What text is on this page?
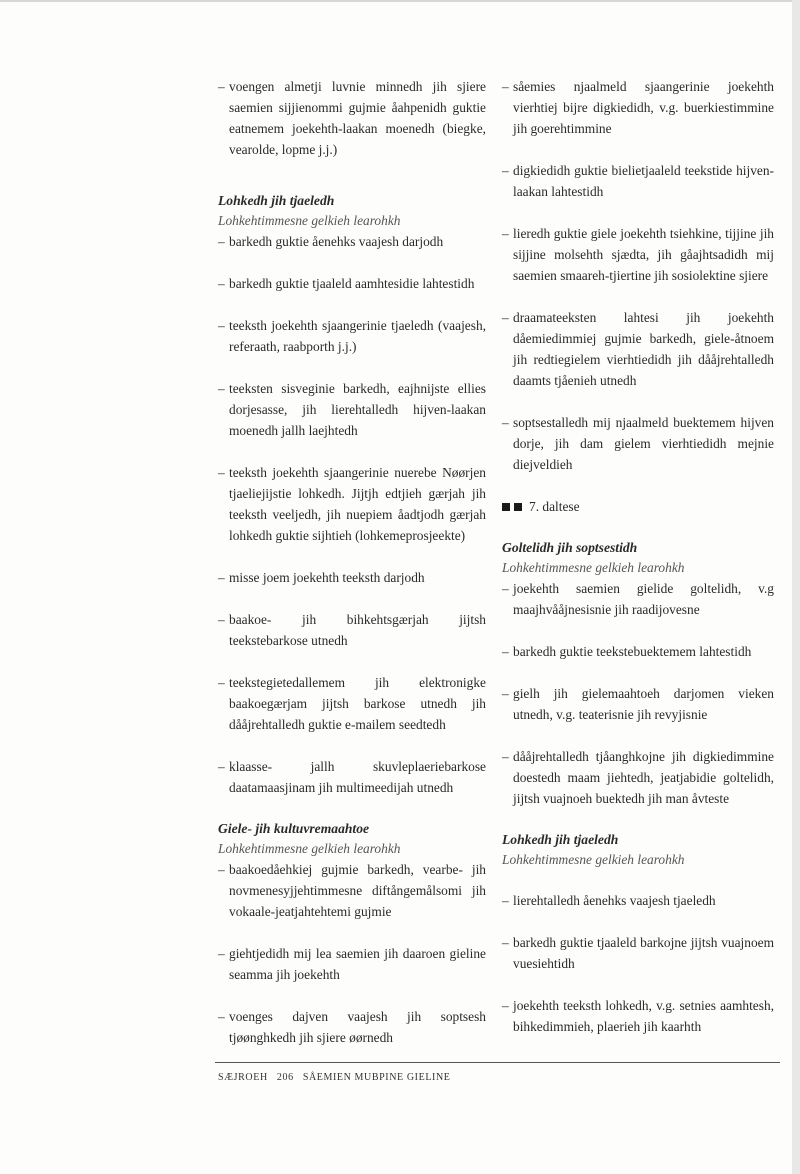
– voengen almetji luvnie minnedh jih sjiere saemien sijjienommi gujmie åahpenidh guktie eatnemem joekehth-laakan moenedh (biegke, vearolde, lopme j.j.)
Lohkedh jih tjaeledh
Lohkehtimmesne gelkieh learohkh
– barkedh guktie åenehks vaajesh darjodh
– barkedh guktie tjaaleld aamhtesidie lahtestidh
– teeksth joekehth sjaangerinie tjaeledh (vaajesh, referaath, raabporth j.j.)
– teeksten sisveginie barkedh, eajhnijste ellies dorjesasse, jih lierehtalledh hijven-laakan moenedh jallh laejhtedh
– teeksth joekehth sjaangerinie nuerebe Nøørjen tjaeliejijstie lohkedh. Jijtjh edtjieh gærjah jih teeksth veeljedh, jih nuepiem åadtjodh gærjah lohkedh guktie sijhtieh (lohkemeprosjeekte)
– misse joem joekehth teeksth darjodh
– baakoe- jih bihkehtsgærjah jijtsh teekstebarkose utnedh
– teekstegietedallemem jih elektronigke baakoegærjam jijtsh barkose utnedh jih dååjrehtalledh guktie e-mailem seedtedh
– klaasse- jallh skuvleplaeriebarkose daatamaasjinam jih multimeedijah utnedh
Giele- jih kultuvremaahtoe
Lohkehtimmesne gelkieh learohkh
– baakoedåehkiej gujmie barkedh, vearbe- jih novmenesyjjehtimmesne diftångemålsomi jih vokaale-jeatjahtehtemi gujmie
– giehtjedidh mij lea saemien jih daaroen gieline seamma jih joekehth
– voenges dajven vaajesh jih soptsesh tjøønghkedh jih sjiere øørnedh
– såemies njaalmeld sjaangerinie joekehth vierhtiej bijre digkiedidh, v.g. buerkiestimmine jih goerehtimmine
– digkiedidh guktie bielietjaaleld teekstide hijven-laakan lahtestidh
– lieredh guktie giele joekehth tsiehkine, tijjine jih sijjine molsehth sjædta, jih gåajhtsadidh mij saemien smaareh-tjiertine jih sosiolektine sjiere
– draamateeksten lahtesi jih joekehth dåemiedimmiej gujmie barkedh, giele-åtnoem jih redtiegielem vierhtiedidh jih dååjrehtalledh daamts tjåenieh utnedh
– soptsestalledh mij njaalmeld buektemem hijven dorje, jih dam gielem vierhtiedidh mejnie diejveldieh
7. daltese
Goltelidh jih soptsestidh
Lohkehtimmesne gelkieh learohkh
– joekehth saemien gielide goltelidh, v.g maajhvååjnesisnie jih raadijovesne
– barkedh guktie teekstebuektemem lahtestidh
– gielh jih gielemaahtoeh darjomen vieken utnedh, v.g. teaterisnie jih revyjisnie
– dååjrehtalledh tjåanghkojne jih digkiedimmine doestedh maam jiehtedh, jeatjabidie goltelidh, jijtsh vuajnoeh buektedh jih man åvteste
Lohkedh jih tjaeledh
Lohkehtimmesne gelkieh learohkh
– lierehtalledh åenehks vaajesh tjaeledh
– barkedh guktie tjaaleld barkojne jijtsh vuajnoem vuesiehtidh
– joekehth teeksth lohkedh, v.g. setnies aamhtesh, bihkedimmieh, plaerieh jih kaarhth
SÆJROEH 206 SÅEMIEN MUBPINE GIELINE
